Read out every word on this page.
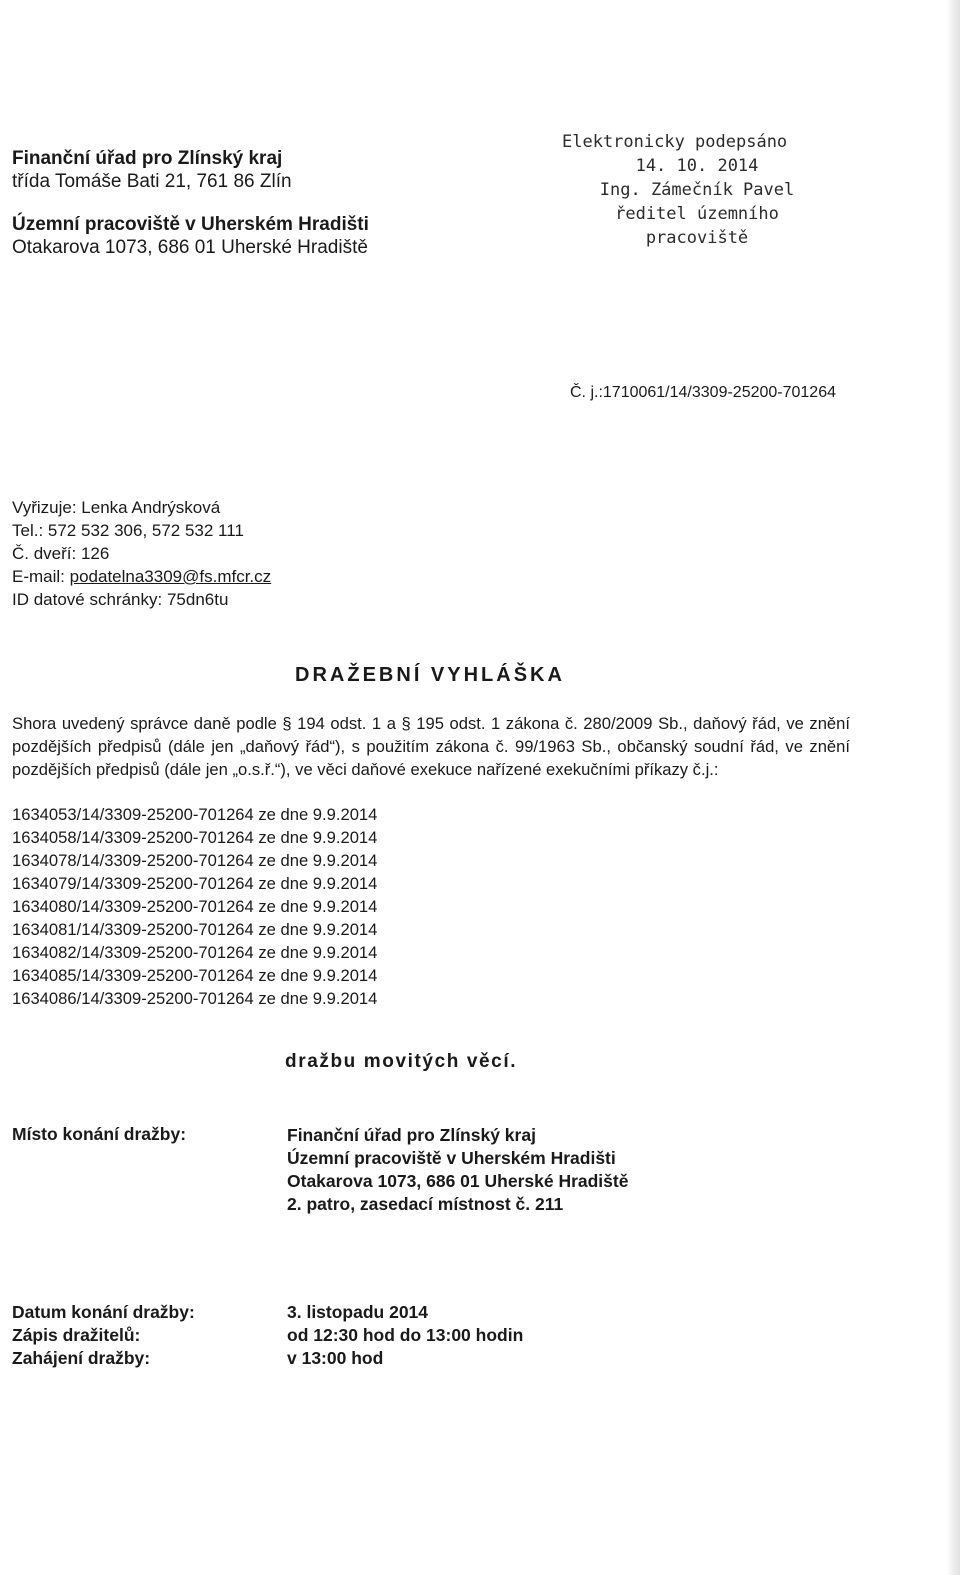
Finanční úřad pro Zlínský kraj
třída Tomáše Bati 21, 761 86 Zlín
Územní pracoviště v Uherském Hradišti
Otakarova 1073, 686 01 Uherské Hradiště
Elektronicky podepsáno
14. 10. 2014
Ing. Zámečník Pavel
ředitel územního
pracoviště
Č. j.:1710061/14/3309-25200-701264
Vyřizuje: Lenka Andrýsková
Tel.: 572 532 306, 572 532 111
Č. dveří: 126
E-mail: podatelna3309@fs.mfcr.cz
ID datové schránky: 75dn6tu
DRAŽEBNÍ VYHLÁŠKA
Shora uvedený správce daně podle § 194 odst. 1 a § 195 odst. 1 zákona č. 280/2009 Sb., daňový řád, ve znění pozdějších předpisů (dále jen „daňový řád“), s použitím zákona č. 99/1963 Sb., občanský soudní řád, ve znění pozdějších předpisů (dále jen „o.s.ř.“), ve věci daňové exekuce nařízené exekučními příkazy č.j.:
1634053/14/3309-25200-701264 ze dne 9.9.2014
1634058/14/3309-25200-701264 ze dne 9.9.2014
1634078/14/3309-25200-701264 ze dne 9.9.2014
1634079/14/3309-25200-701264 ze dne 9.9.2014
1634080/14/3309-25200-701264 ze dne 9.9.2014
1634081/14/3309-25200-701264 ze dne 9.9.2014
1634082/14/3309-25200-701264 ze dne 9.9.2014
1634085/14/3309-25200-701264 ze dne 9.9.2014
1634086/14/3309-25200-701264 ze dne 9.9.2014
dražbu movitých věcí.
Místo konání dražby:	Finanční úřad pro Zlínský kraj
Územní pracoviště v Uherském Hradišti
Otakarova 1073, 686 01 Uherské Hradiště
2. patro, zasedací místnost č. 211
Datum konání dražby:	3. listopadu 2014
Zápis dražitelů:	od 12:30 hod do 13:00 hodin
Zahájení dražby:	v 13:00 hod
